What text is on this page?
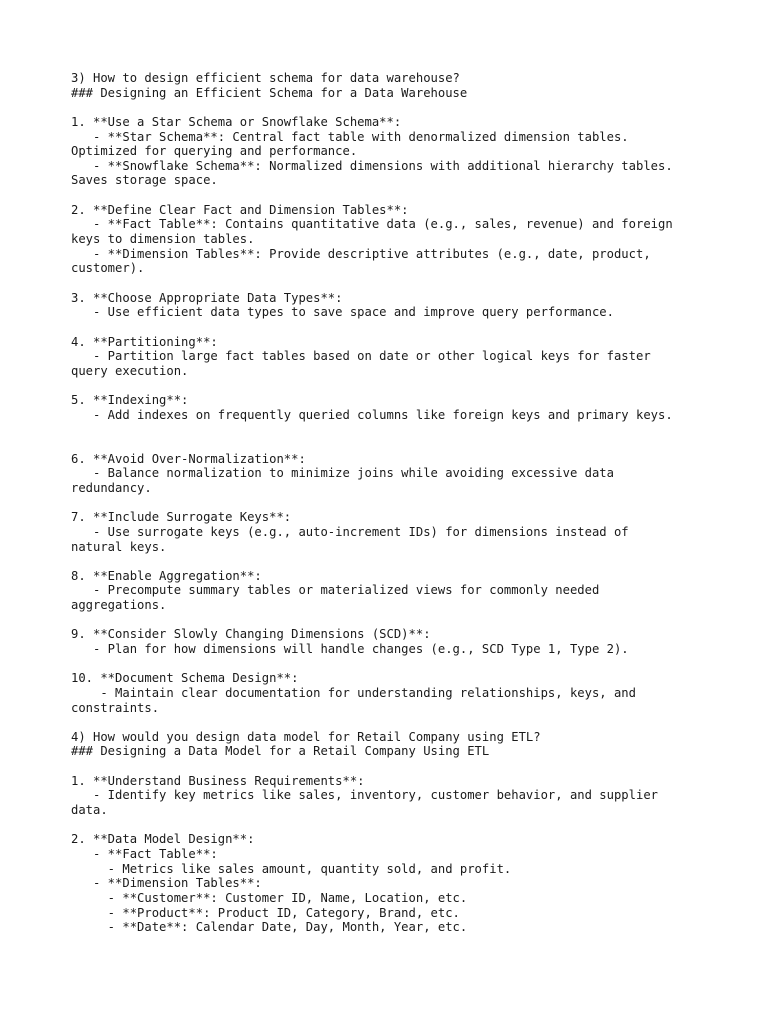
3) How to design efficient schema for data warehouse?
### Designing an Efficient Schema for a Data Warehouse
1. **Use a Star Schema or Snowflake Schema**:
- **Star Schema**: Central fact table with denormalized dimension tables.
Optimized for querying and performance.
- **Snowflake Schema**: Normalized dimensions with additional hierarchy tables.
Saves storage space.
2. **Define Clear Fact and Dimension Tables**:
- **Fact Table**: Contains quantitative data (e.g., sales, revenue) and foreign
keys to dimension tables.
- **Dimension Tables**: Provide descriptive attributes (e.g., date, product,
customer).
3. **Choose Appropriate Data Types**:
- Use efficient data types to save space and improve query performance.
4. **Partitioning**:
- Partition large fact tables based on date or other logical keys for faster
query execution.
5. **Indexing**:
- Add indexes on frequently queried columns like foreign keys and primary keys.
6. **Avoid Over-Normalization**:
- Balance normalization to minimize joins while avoiding excessive data
redundancy.
7. **Include Surrogate Keys**:
- Use surrogate keys (e.g., auto-increment IDs) for dimensions instead of
natural keys.
8. **Enable Aggregation**:
- Precompute summary tables or materialized views for commonly needed
aggregations.
9. **Consider Slowly Changing Dimensions (SCD)**:
- Plan for how dimensions will handle changes (e.g., SCD Type 1, Type 2).
10. **Document Schema Design**:
- Maintain clear documentation for understanding relationships, keys, and
constraints.
4) How would you design data model for Retail Company using ETL?
### Designing a Data Model for a Retail Company Using ETL
1. **Understand Business Requirements**:
- Identify key metrics like sales, inventory, customer behavior, and supplier
data.
2. **Data Model Design**:
- **Fact Table**:
- Metrics like sales amount, quantity sold, and profit.
- **Dimension Tables**:
- **Customer**: Customer ID, Name, Location, etc.
- **Product**: Product ID, Category, Brand, etc.
- **Date**: Calendar Date, Day, Month, Year, etc.
